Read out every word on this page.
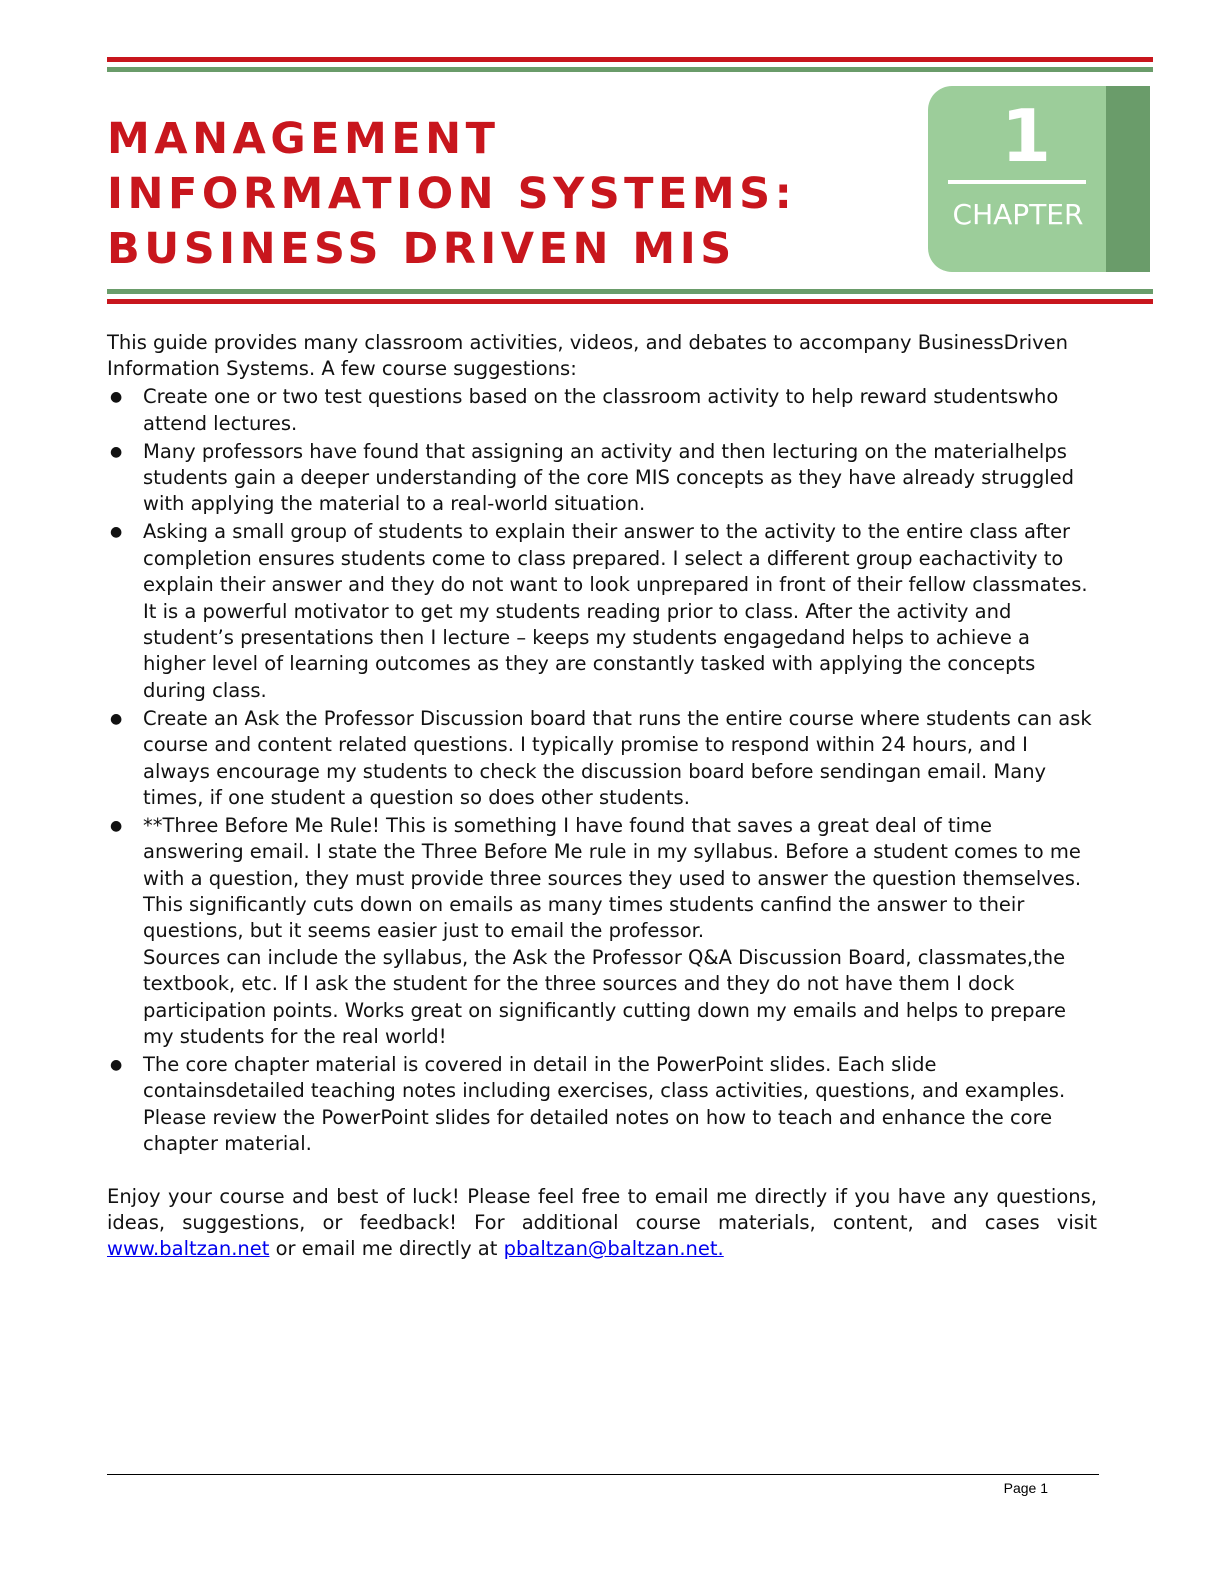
MANAGEMENT
INFORMATION SYSTEMS:
BUSINESS DRIVEN MIS
1
CHAPTER

This guide provides many classroom activities, videos, and debates to accompany BusinessDriven Information Systems. A few course suggestions:

● Create one or two test questions based on the classroom activity to help reward studentswho attend lectures.
● Many professors have found that assigning an activity and then lecturing on the materialhelps students gain a deeper understanding of the core MIS concepts as they have already struggled with applying the material to a real-world situation.
● Asking a small group of students to explain their answer to the activity to the entire class after completion ensures students come to class prepared. I select a different group eachactivity to explain their answer and they do not want to look unprepared in front of their fellow classmates. It is a powerful motivator to get my students reading prior to class. After the activity and student’s presentations then I lecture – keeps my students engagedand helps to achieve a higher level of learning outcomes as they are constantly tasked with applying the concepts during class.
● Create an Ask the Professor Discussion board that runs the entire course where students can ask course and content related questions. I typically promise to respond within 24 hours, and I always encourage my students to check the discussion board before sendingan email. Many times, if one student a question so does other students.
● **Three Before Me Rule! This is something I have found that saves a great deal of time answering email. I state the Three Before Me rule in my syllabus. Before a student comes to me with a question, they must provide three sources they used to answer the question themselves. This significantly cuts down on emails as many times students canfind the answer to their questions, but it seems easier just to email the professor.
Sources can include the syllabus, the Ask the Professor Q&A Discussion Board, classmates,the textbook, etc. If I ask the student for the three sources and they do not have them I dock participation points. Works great on significantly cutting down my emails and helps to prepare my students for the real world!
● The core chapter material is covered in detail in the PowerPoint slides. Each slide containsdetailed teaching notes including exercises, class activities, questions, and examples. Please review the PowerPoint slides for detailed notes on how to teach and enhance the core chapter material.

Enjoy your course and best of luck! Please feel free to email me directly if you have any questions, ideas, suggestions, or feedback! For additional course materials, content, and cases visit www.baltzan.net or email me directly at pbaltzan@baltzan.net.

Page 1
